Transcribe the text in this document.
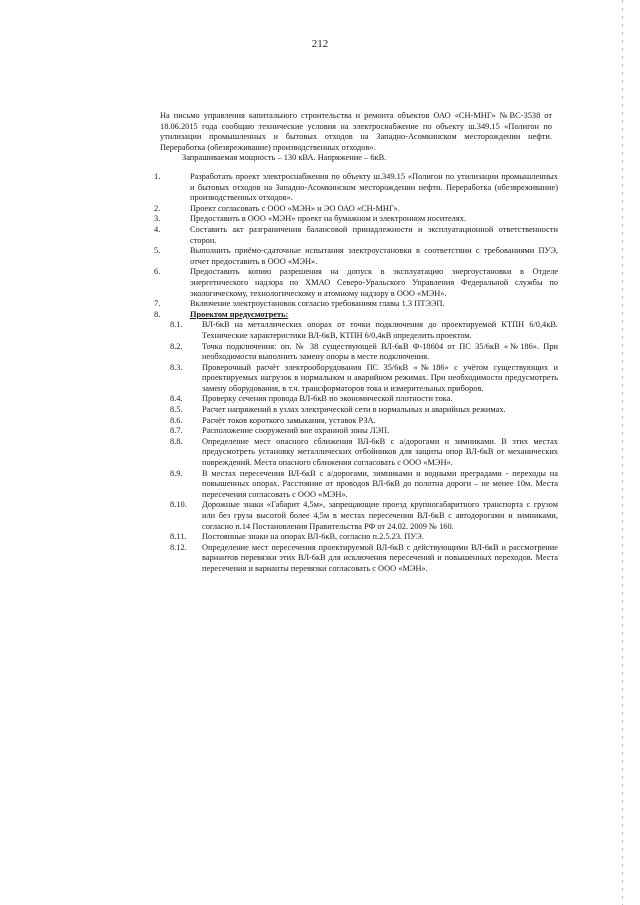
212
На письмо управления капитального строительства и ремонта объектов ОАО «СН-МНГ» №ВС-3538 от 18.06.2015 года сообщаю технические условия на электроснабжение по объекту ш.349.15 «Полигон по утилизации промышленных и бытовых отходов на Западно-Асомкинском месторождении нефти. Переработка (обезвреживание) производственных отходов».
Запрашиваемая мощность – 130 кВА. Напряжение – 6кВ.
1.	Разработать проект электроснабжения по объекту ш.349.15 «Полигон по утилизации промышленных и бытовых отходов на Западно-Асомкинском месторождении нефти. Переработка (обезвреживание) производственных отходов».
2.	Проект согласовать с ООО «МЭН» и ЭО ОАО «СН-МНГ».
3.	Предоставить в ООО «МЭН» проект на бумажном и электронном носителях.
4.	Составить акт разграничения балансовой принадлежности и эксплуатационной ответственности сторон.
5.	Выполнить приёмо-сдаточные испытания электроустановки в соответствии с требованиями ПУЭ, отчет предоставить в ООО «МЭН».
6.	Предоставить копию разрешения на допуск в эксплуатацию энергоустановки в Отделе энергетического надзора по ХМАО Северо-Уральского Управления Федеральной службы по экологическому, технологическому и атомному надзору в ООО «МЭН».
7.	Включение электроустановок согласно требованиям главы 1.3 ПТЭЭП.
8.	Проектом предусмотреть:
8.1. ВЛ-6кВ на металлических опорах от точки подключения до проектируемой КТПН 6/0,4кВ. Технические характеристики ВЛ-6кВ, КТПН 6/0,4кВ определить проектом.
8.2. Точка подключения: оп. № 38 существующей ВЛ-6кВ Ф-18604 от ПС 35/6кВ «№186». При необходимости выполнить замену опоры в месте подключения.
8.3. Проверочный расчёт электрооборудования ПС 35/6кВ «№186» с учётом существующих и проектируемых нагрузок в нормальном и аварийном режимах. При необходимости предусмотреть замену оборудования, в т.ч. трансформаторов тока и измерительных приборов.
8.4. Проверку сечения провода ВЛ-6кВ по экономической плотности тока.
8.5. Расчет напряжений в узлах электрической сети в нормальных и аварийных режимах.
8.6. Расчёт токов короткого замыкания, уставок РЗА.
8.7. Расположение сооружений вне охранной зоны ЛЭП.
8.8. Определение мест опасного сближения ВЛ-6кВ с а/дорогами и зимниками. В этих местах предусмотреть установку металлических отбойников для защиты опор ВЛ-6кВ от механических повреждений. Места опасного сближения согласовать с ООО «МЭН».
8.9. В местах пересечения ВЛ-6кВ с а/дорогами, зимниками и водными преградами - переходы на повышенных опорах. Расстояние от проводов ВЛ-6кВ до полотна дороги – не менее 10м. Места пересечения согласовать с ООО «МЭН».
8.10. Дорожные знаки «Габарит 4,5м», запрещающие проезд крупногабаритного транспорта с грузом или без груза высотой более 4,5м в местах пересечения ВЛ-6кВ с автодорогами и зимниками, согласно п.14 Постановления Правительства РФ от 24.02. 2009 № 160.
8.11. Постоянные знаки на опорах ВЛ-6кВ, согласно п.2.5.23. ПУЭ.
8.12. Определение мест пересечения проектируемой ВЛ-6кВ с действующими ВЛ-6кВ и рассмотрение вариантов перевязки этих ВЛ-6кВ для исключения пересечений и повышенных переходов. Места пересечения и варианты перевязки согласовать с ООО «МЭН».
